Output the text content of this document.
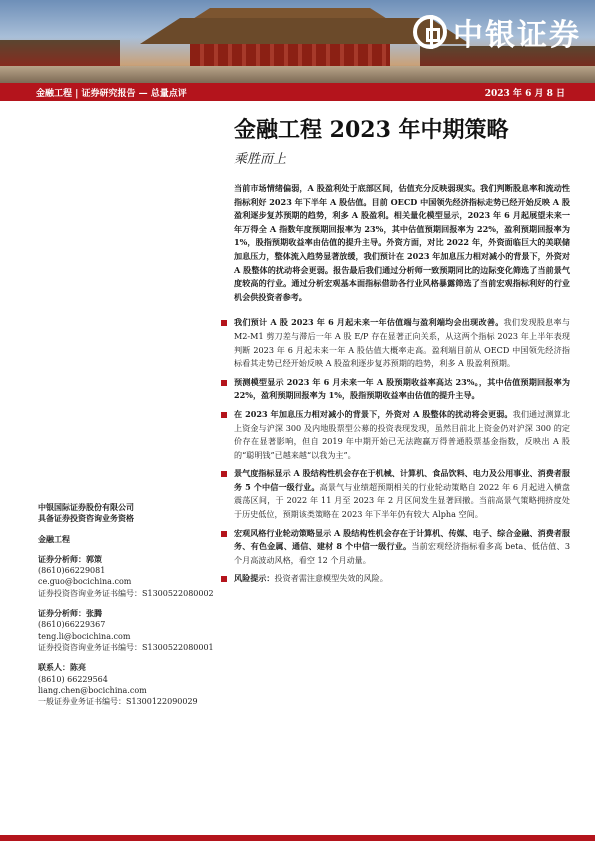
中银证券
金融工程 | 证券研究报告 — 总量点评	2023 年 6 月 8 日
金融工程 2023 年中期策略
乘胜而上

当前市场情绪偏弱，A 股盈利处于底部区间，估值充分反映弱现实。我们判断股息率和流动性指标利好 2023 年下半年 A 股估值。目前 OECD 中国领先经济指标走势已经开始反映 A 股盈利逐步复苏预期的趋势，利多 A 股盈利。相关量化模型显示，2023 年 6 月起展望未来一年万得全 A 指数年度预期回报率为 23%，其中估值预期回报率为 22%，盈利预期回报率为 1%，股指预期收益率由估值的提升主导。外资方面，对比 2022 年，外资面临巨大的美联储加息压力，整体流入趋势显著放缓，我们预计在 2023 年加息压力相对减小的背景下，外资对 A 股整体的扰动将会更弱。报告最后我们通过分析师一致预期同比的边际变化筛选了当前景气度较高的行业。通过分析宏观基本面指标借助各行业风格暴露筛选了当前宏观指标利好的行业机会供投资者参考。

我们预计 A 股 2023 年 6 月起未来一年估值端与盈利端均会出现改善。我们发现股息率与 M2-M1 剪刀差与滞后一年 A 股 E/P 存在显著正向关系，从这两个指标 2023 年上半年表现判断 2023 年 6 月起未来一年 A 股估值大概率走高。盈利端目前从 OECD 中国领先经济指标看其走势已经开始反映 A 股盈利逐步复苏预期的趋势，利多 A 股盈利预期。
预测模型显示 2023 年 6 月未来一年 A 股预期收益率高达 23%。，其中估值预期回报率为 22%，盈利预期回报率为 1%，股指预期收益率由估值的提升主导。
在 2023 年加息压力相对减小的背景下，外资对 A 股整体的扰动将会更弱。我们通过测算北上资金与沪深 300 及内地股票型公募的投资表现发现，虽然目前北上资金仍对沪深 300 的定价存在显著影响，但自 2019 年中期开始已无法跑赢万得普通股票基金指数，反映出 A 股的“聪明钱”已越来越“以我为主”。
景气度指标显示 A 股结构性机会存在于机械、计算机、食品饮料、电力及公用事业、消费者服务 5 个中信一级行业。高景气与业绩超预期相关的行业轮动策略自 2022 年 6 月起进入横盘震荡区间，于 2022 年 11 月至 2023 年 2 月区间发生显著回撤。当前高景气策略拥挤度处于历史低位，预期该类策略在 2023 年下半年仍有较大 Alpha 空间。
宏观风格行业轮动策略显示 A 股结构性机会存在于计算机、传媒、电子、综合金融、消费者服务、有色金属、通信、建材 8 个中信一级行业。当前宏观经济指标看多高 beta、低估值、3 个月高波动风格，看空 12 个月动量。
风险提示：投资者需注意模型失效的风险。
中银国际证券股份有限公司
具备证券投资咨询业务资格
金融工程
证券分析师：郭策
(8610)66229081
ce.guo@bocichina.com
证券投资咨询业务证书编号：S1300522080002
证券分析师：张腾
(8610)66229367
teng.li@bocichina.com
证券投资咨询业务证书编号：S1300522080001
联系人：陈亮
(8610) 66229564
liang.chen@bocichina.com
一般证券业务证书编号：S1300122090029
